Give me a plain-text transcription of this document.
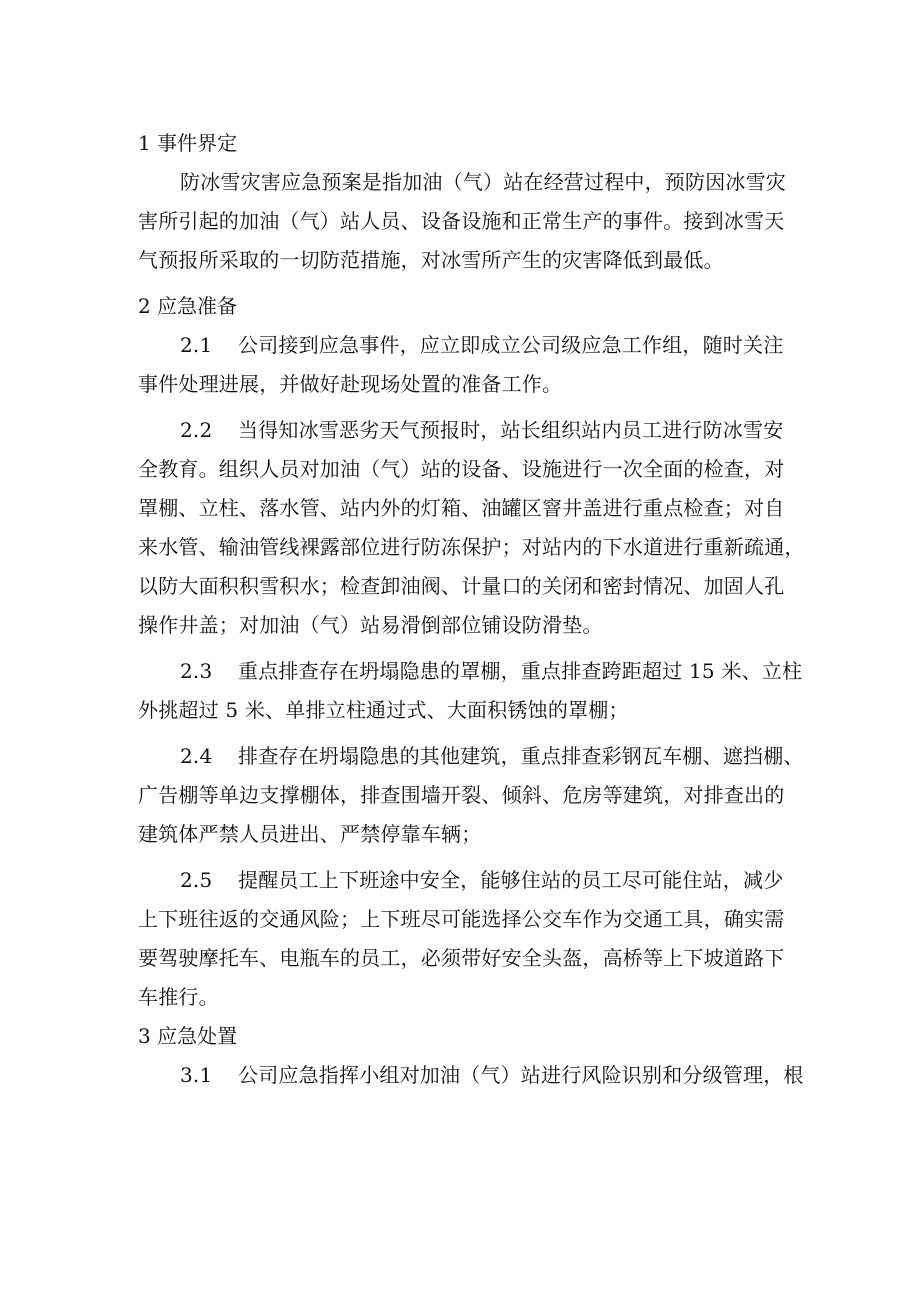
1 事件界定
防冰雪灾害应急预案是指加油（气）站在经营过程中，预防因冰雪灾
害所引起的加油（气）站人员、设备设施和正常生产的事件。接到冰雪天
气预报所采取的一切防范措施，对冰雪所产生的灾害降低到最低。
2 应急准备
2.1 公司接到应急事件，应立即成立公司级应急工作组，随时关注
事件处理进展，并做好赴现场处置的准备工作。
2.2 当得知冰雪恶劣天气预报时，站长组织站内员工进行防冰雪安
全教育。组织人员对加油（气）站的设备、设施进行一次全面的检查，对
罩棚、立柱、落水管、站内外的灯箱、油罐区窨井盖进行重点检查；对自
来水管、输油管线裸露部位进行防冻保护；对站内的下水道进行重新疏通，
以防大面积积雪积水；检查卸油阀、计量口的关闭和密封情况、加固人孔
操作井盖；对加油（气）站易滑倒部位铺设防滑垫。
2.3 重点排查存在坍塌隐患的罩棚，重点排查跨距超过 15 米、立柱
外挑超过 5 米、单排立柱通过式、大面积锈蚀的罩棚；
2.4 排查存在坍塌隐患的其他建筑，重点排查彩钢瓦车棚、遮挡棚、
广告棚等单边支撑棚体，排查围墙开裂、倾斜、危房等建筑，对排查出的
建筑体严禁人员进出、严禁停靠车辆；
2.5 提醒员工上下班途中安全，能够住站的员工尽可能住站，减少
上下班往返的交通风险；上下班尽可能选择公交车作为交通工具，确实需
要驾驶摩托车、电瓶车的员工，必须带好安全头盔，高桥等上下坡道路下
车推行。
3 应急处置
3.1 公司应急指挥小组对加油（气）站进行风险识别和分级管理，根
